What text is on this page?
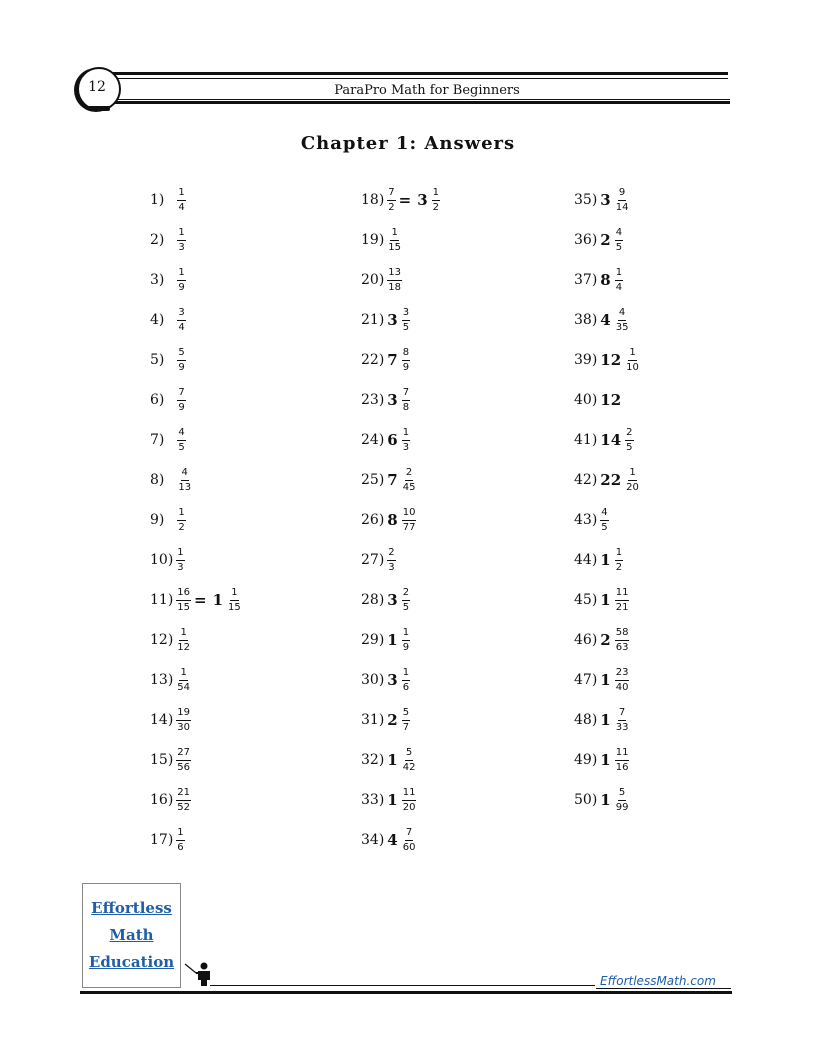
12	ParaPro Math for Beginners
Chapter 1: Answers
$1) \frac{1}{4}$
$2) \frac{1}{3}$
$3) \frac{1}{9}$
$4) \frac{3}{4}$
$5) \frac{5}{9}$
$6) \frac{7}{9}$
$7) \frac{4}{5}$
$8) \frac{4}{13}$
$9) \frac{1}{2}$
$10) \frac{1}{3}$
$11) \frac{16}{15} = 1 \frac{1}{15}$
$12) \frac{1}{12}$
$13) \frac{1}{54}$
$14) \frac{19}{30}$
$15) \frac{27}{56}$
$16) \frac{21}{52}$
$17) \frac{1}{6}$
$18) \frac{7}{2} = 3 \frac{1}{2}$
$19) \frac{1}{15}$
$20) \frac{13}{18}$
21) $3 \frac{3}{5}$
22) $7 \frac{8}{9}$
23) $3 \frac{7}{8}$
24) $6 \frac{1}{3}$
25) $7 \frac{2}{45}$
26) $8 \frac{10}{77}$
$27) \frac{2}{3}$
28) $3 \frac{2}{5}$
29) $1 \frac{1}{9}$
30) $3 \frac{1}{6}$
31) $2 \frac{5}{7}$
32) $1 \frac{5}{42}$
33) $1 \frac{11}{20}$
34) $4 \frac{7}{60}$
35) $3 \frac{9}{14}$
36) $2 \frac{4}{5}$
37) $8 \frac{1}{4}$
38) $4 \frac{4}{35}$
39) $12 \frac{1}{10}$
40) 12
41) $14 \frac{2}{5}$
42) $22 \frac{1}{20}$
$43) \frac{4}{5}$
44) $1 \frac{1}{2}$
45) $1 \frac{11}{21}$
46) $2 \frac{58}{63}$
47) $1 \frac{23}{40}$
48) $1 \frac{7}{33}$
49) $1 \frac{11}{16}$
50) $1 \frac{5}{99}$
Effortless
Math
Education
EffortlessMath.com
